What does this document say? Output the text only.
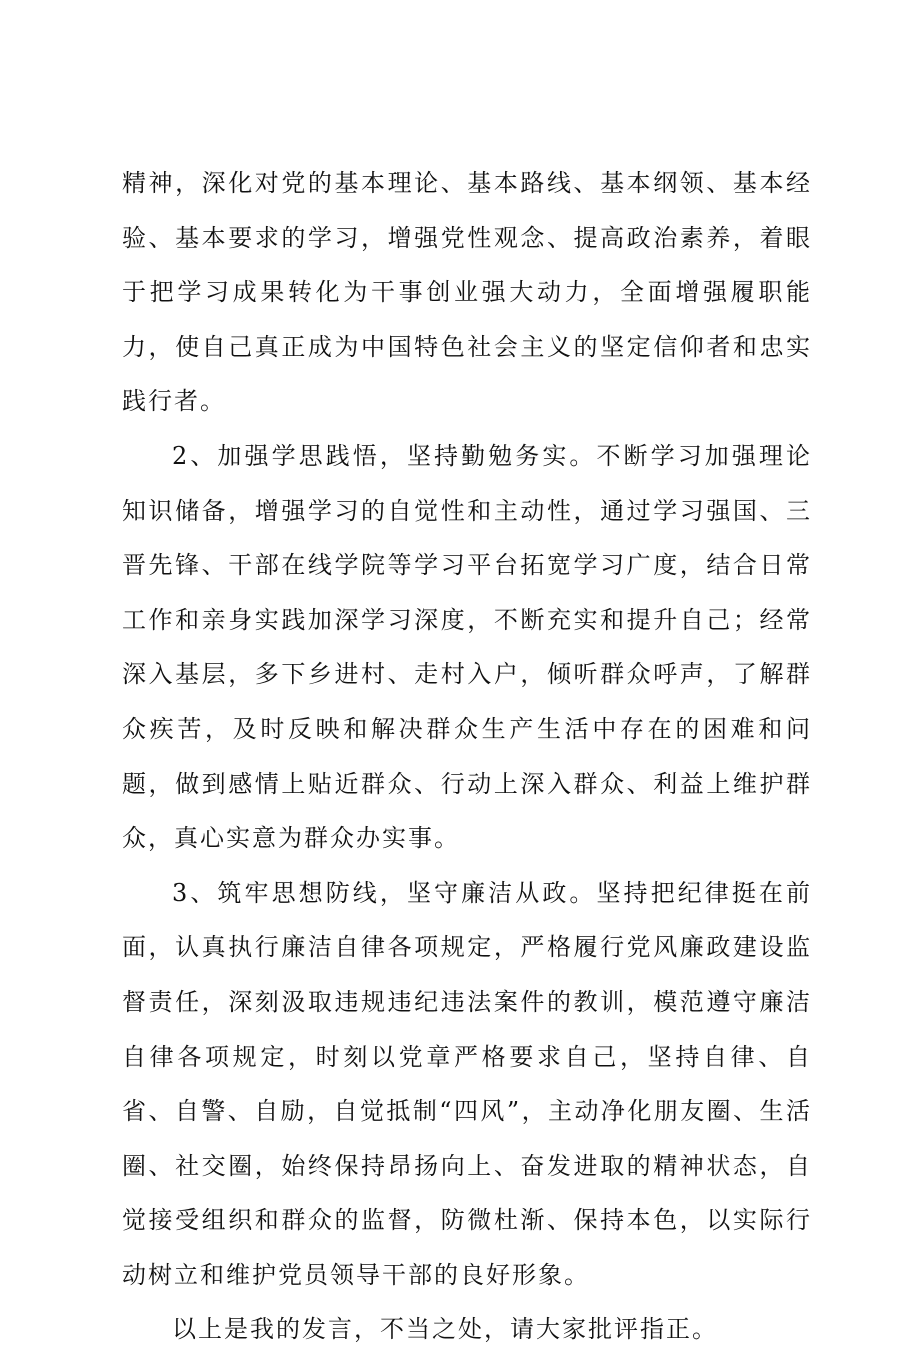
精神，深化对党的基本理论、基本路线、基本纲领、基本经验、基本要求的学习，增强党性观念、提高政治素养，着眼于把学习成果转化为干事创业强大动力，全面增强履职能力，使自己真正成为中国特色社会主义的坚定信仰者和忠实践行者。

2、加强学思践悟，坚持勤勉务实。不断学习加强理论知识储备，增强学习的自觉性和主动性，通过学习强国、三晋先锋、干部在线学院等学习平台拓宽学习广度，结合日常工作和亲身实践加深学习深度，不断充实和提升自己；经常深入基层，多下乡进村、走村入户，倾听群众呼声，了解群众疾苦，及时反映和解决群众生产生活中存在的困难和问题，做到感情上贴近群众、行动上深入群众、利益上维护群众，真心实意为群众办实事。

3、筑牢思想防线，坚守廉洁从政。坚持把纪律挺在前面，认真执行廉洁自律各项规定，严格履行党风廉政建设监督责任，深刻汲取违规违纪违法案件的教训，模范遵守廉洁自律各项规定，时刻以党章严格要求自己，坚持自律、自省、自警、自励，自觉抵制“四风”，主动净化朋友圈、生活圈、社交圈，始终保持昂扬向上、奋发进取的精神状态，自觉接受组织和群众的监督，防微杜渐、保持本色，以实际行动树立和维护党员领导干部的良好形象。

以上是我的发言，不当之处，请大家批评指正。
